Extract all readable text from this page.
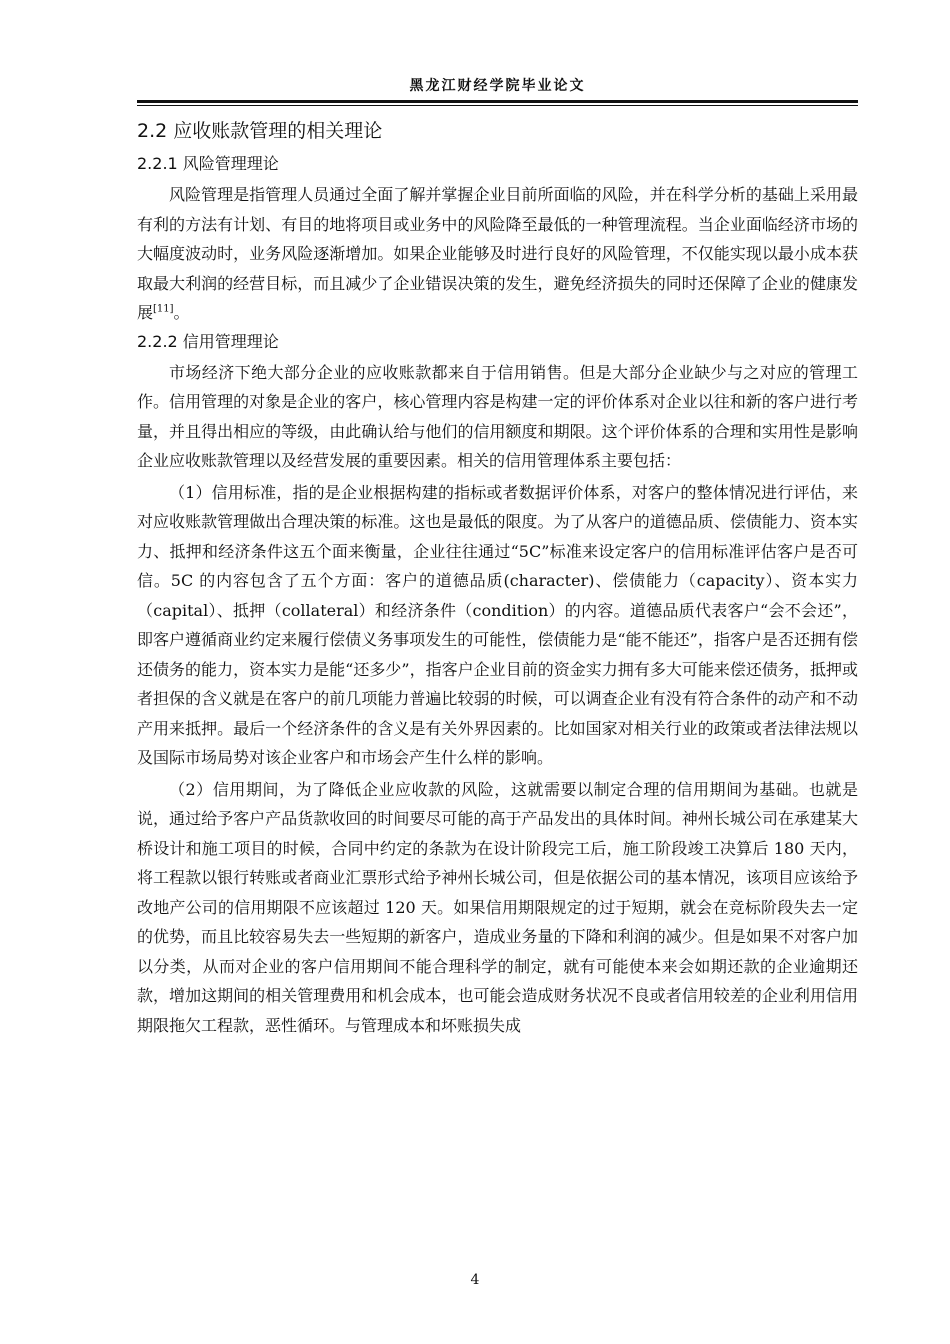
黑龙江财经学院毕业论文
2.2 应收账款管理的相关理论
2.2.1 风险管理理论

风险管理是指管理人员通过全面了解并掌握企业目前所面临的风险，并在科学分析的基础上采用最有利的方法有计划、有目的地将项目或业务中的风险降至最低的一种管理流程。当企业面临经济市场的大幅度波动时，业务风险逐渐增加。如果企业能够及时进行良好的风险管理，不仅能实现以最小成本获取最大利润的经营目标，而且减少了企业错误决策的发生，避免经济损失的同时还保障了企业的健康发展[11]。

2.2.2 信用管理理论

市场经济下绝大部分企业的应收账款都来自于信用销售。但是大部分企业缺少与之对应的管理工作。信用管理的对象是企业的客户，核心管理内容是构建一定的评价体系对企业以往和新的客户进行考量，并且得出相应的等级，由此确认给与他们的信用额度和期限。这个评价体系的合理和实用性是影响企业应收账款管理以及经营发展的重要因素。相关的信用管理体系主要包括：

（1）信用标准，指的是企业根据构建的指标或者数据评价体系，对客户的整体情况进行评估，来对应收账款管理做出合理决策的标准。这也是最低的限度。为了从客户的道德品质、偿债能力、资本实力、抵押和经济条件这五个面来衡量，企业往往通过“5C”标准来设定客户的信用标准评估客户是否可信。5C 的内容包含了五个方面：客户的道德品质(character)、偿债能力（capacity）、资本实力（capital）、抵押（collateral）和经济条件（condition）的内容。道德品质代表客户“会不会还”，即客户遵循商业约定来履行偿债义务事项发生的可能性，偿债能力是“能不能还”，指客户是否还拥有偿还债务的能力，资本实力是能“还多少”，指客户企业目前的资金实力拥有多大可能来偿还债务，抵押或者担保的含义就是在客户的前几项能力普遍比较弱的时候，可以调查企业有没有符合条件的动产和不动产用来抵押。最后一个经济条件的含义是有关外界因素的。比如国家对相关行业的政策或者法律法规以及国际市场局势对该企业客户和市场会产生什么样的影响。

（2）信用期间，为了降低企业应收款的风险，这就需要以制定合理的信用期间为基础。也就是说，通过给予客户产品货款收回的时间要尽可能的高于产品发出的具体时间。神州长城公司在承建某大桥设计和施工项目的时候，合同中约定的条款为在设计阶段完工后，施工阶段竣工决算后 180 天内，将工程款以银行转账或者商业汇票形式给予神州长城公司，但是依据公司的基本情况，该项目应该给予改地产公司的信用期限不应该超过 120 天。如果信用期限规定的过于短期，就会在竞标阶段失去一定的优势，而且比较容易失去一些短期的新客户，造成业务量的下降和利润的减少。但是如果不对客户加以分类，从而对企业的客户信用期间不能合理科学的制定，就有可能使本来会如期还款的企业逾期还款，增加这期间的相关管理费用和机会成本，也可能会造成财务状况不良或者信用较差的企业利用信用期限拖欠工程款，恶性循环。与管理成本和坏账损失成

4
